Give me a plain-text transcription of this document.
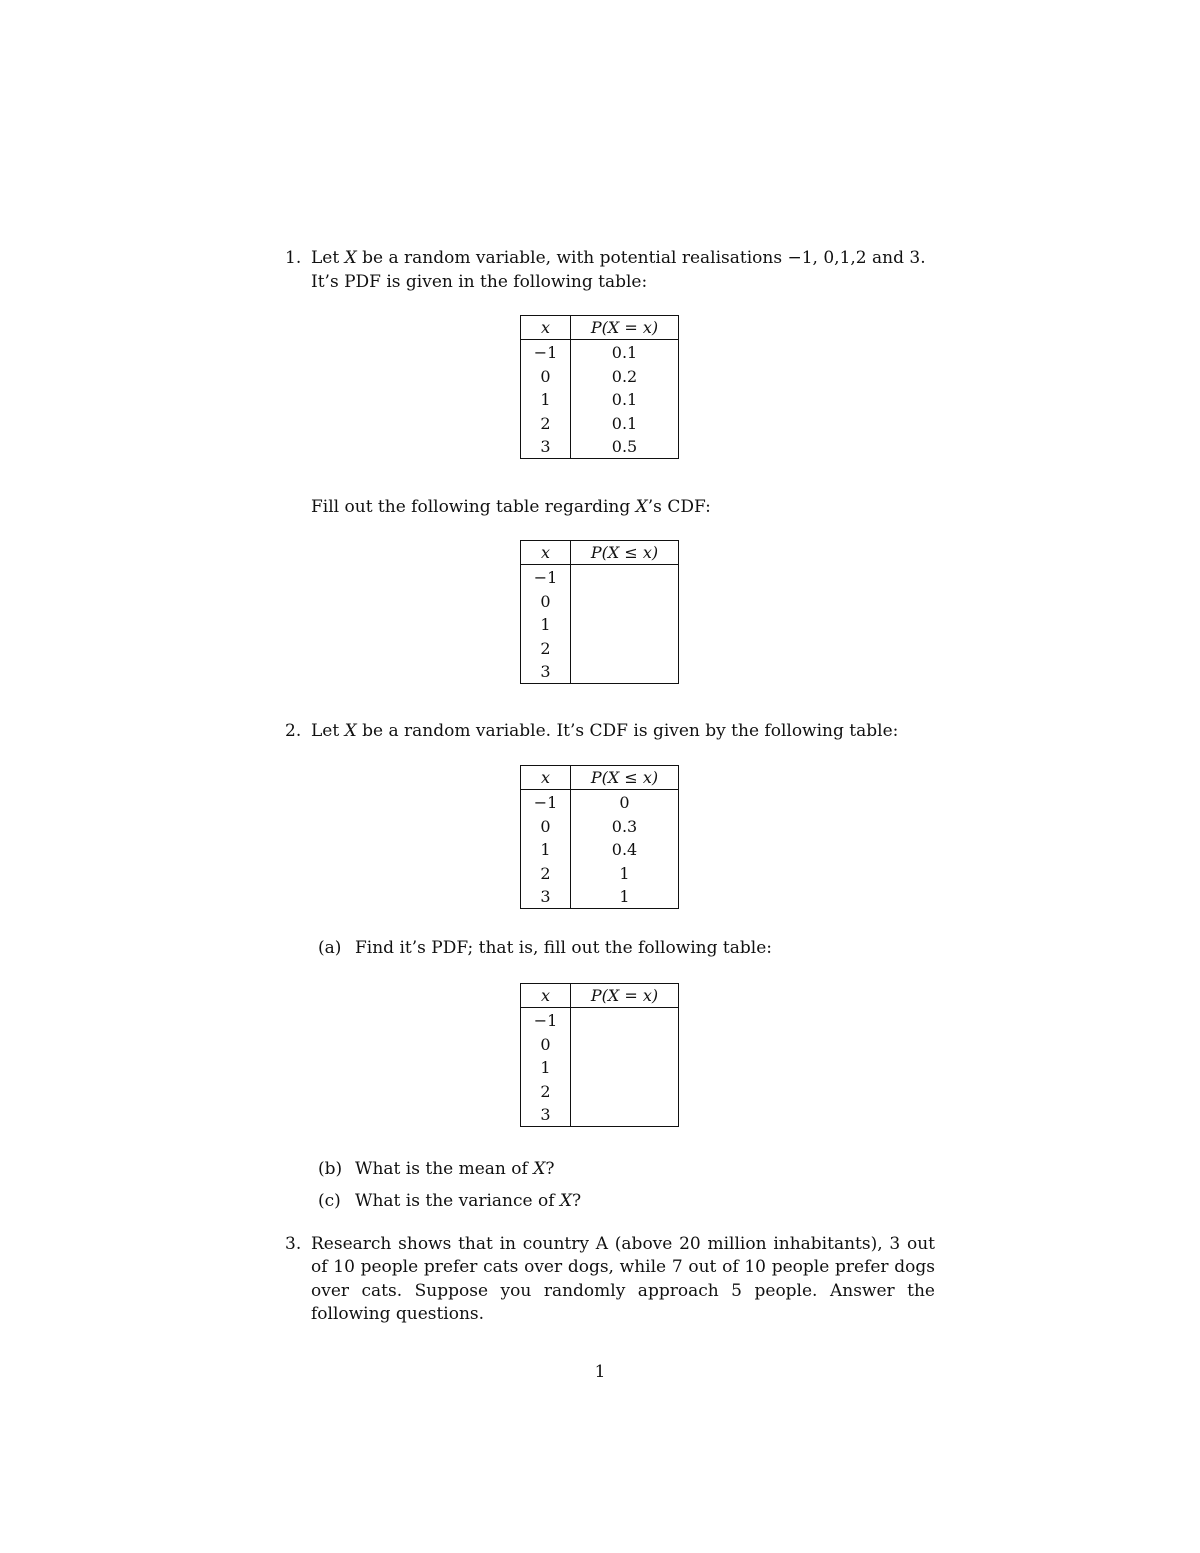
1. Let X be a random variable, with potential realisations −1, 0,1,2 and 3.
It’s PDF is given in the following table:
x	P(X = x)
−1	0.1
0	0.2
1	0.1
2	0.1
3	0.5
Fill out the following table regarding X’s CDF:
x	P(X ≤ x)
−1	
0	
1	
2	
3	
2. Let X be a random variable. It’s CDF is given by the following table:
x	P(X ≤ x)
−1	0
0	0.3
1	0.4
2	1
3	1
(a) Find it’s PDF; that is, fill out the following table:
x	P(X = x)
−1	
0	
1	
2	
3	
(b) What is the mean of X?
(c) What is the variance of X?
3. Research shows that in country A (above 20 million inhabitants), 3 out of 10 people prefer cats over dogs, while 7 out of 10 people prefer dogs over cats. Suppose you randomly approach 5 people. Answer the following questions.
1
